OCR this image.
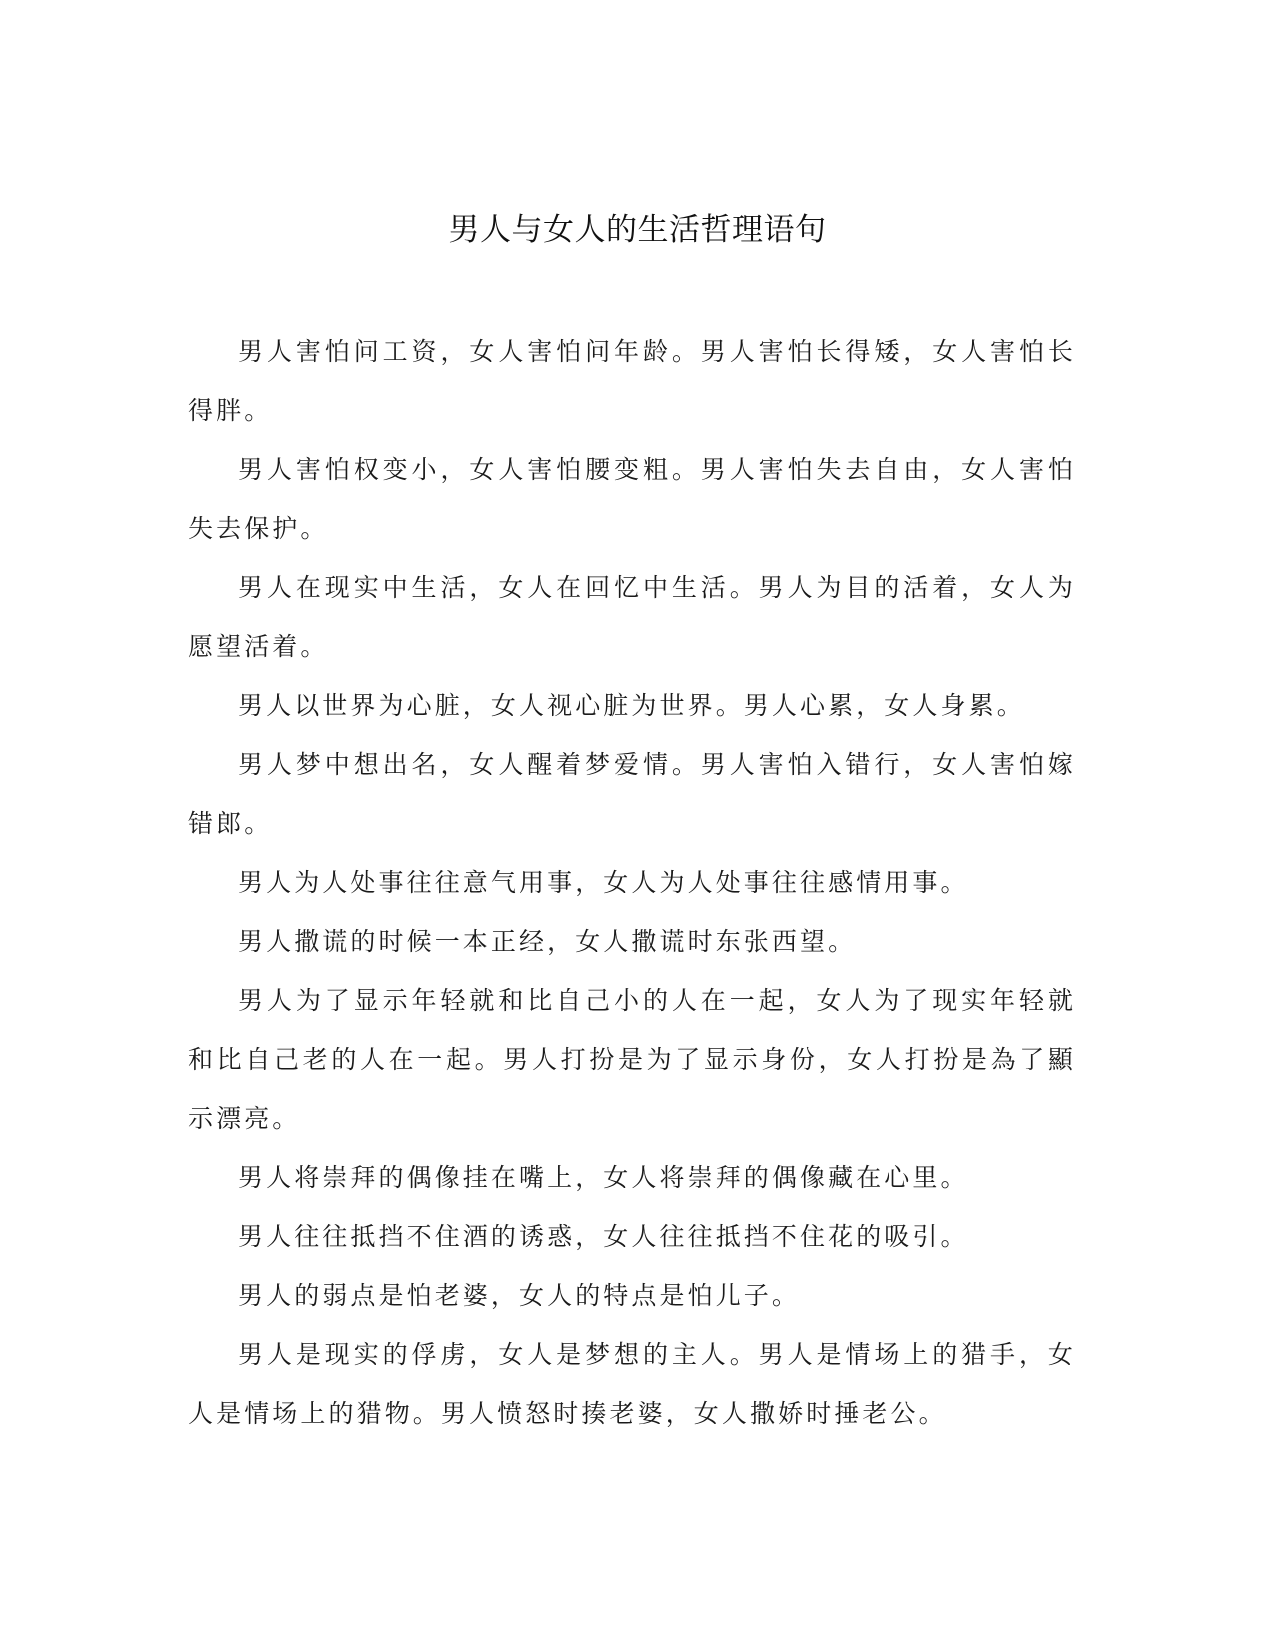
男人与女人的生活哲理语句

男人害怕问工资，女人害怕问年龄。男人害怕长得矮，女人害怕长得胖。

男人害怕权变小，女人害怕腰变粗。男人害怕失去自由，女人害怕失去保护。

男人在现实中生活，女人在回忆中生活。男人为目的活着，女人为愿望活着。

男人以世界为心脏，女人视心脏为世界。男人心累，女人身累。

男人梦中想出名，女人醒着梦爱情。男人害怕入错行，女人害怕嫁错郎。

男人为人处事往往意气用事，女人为人处事往往感情用事。

男人撒谎的时候一本正经，女人撒谎时东张西望。

男人为了显示年轻就和比自己小的人在一起，女人为了现实年轻就和比自己老的人在一起。男人打扮是为了显示身份，女人打扮是為了顯示漂亮。

男人将崇拜的偶像挂在嘴上，女人将崇拜的偶像藏在心里。

男人往往抵挡不住酒的诱惑，女人往往抵挡不住花的吸引。

男人的弱点是怕老婆，女人的特点是怕儿子。

男人是现实的俘虏，女人是梦想的主人。男人是情场上的猎手，女人是情场上的猎物。男人愤怒时揍老婆，女人撒娇时捶老公。
